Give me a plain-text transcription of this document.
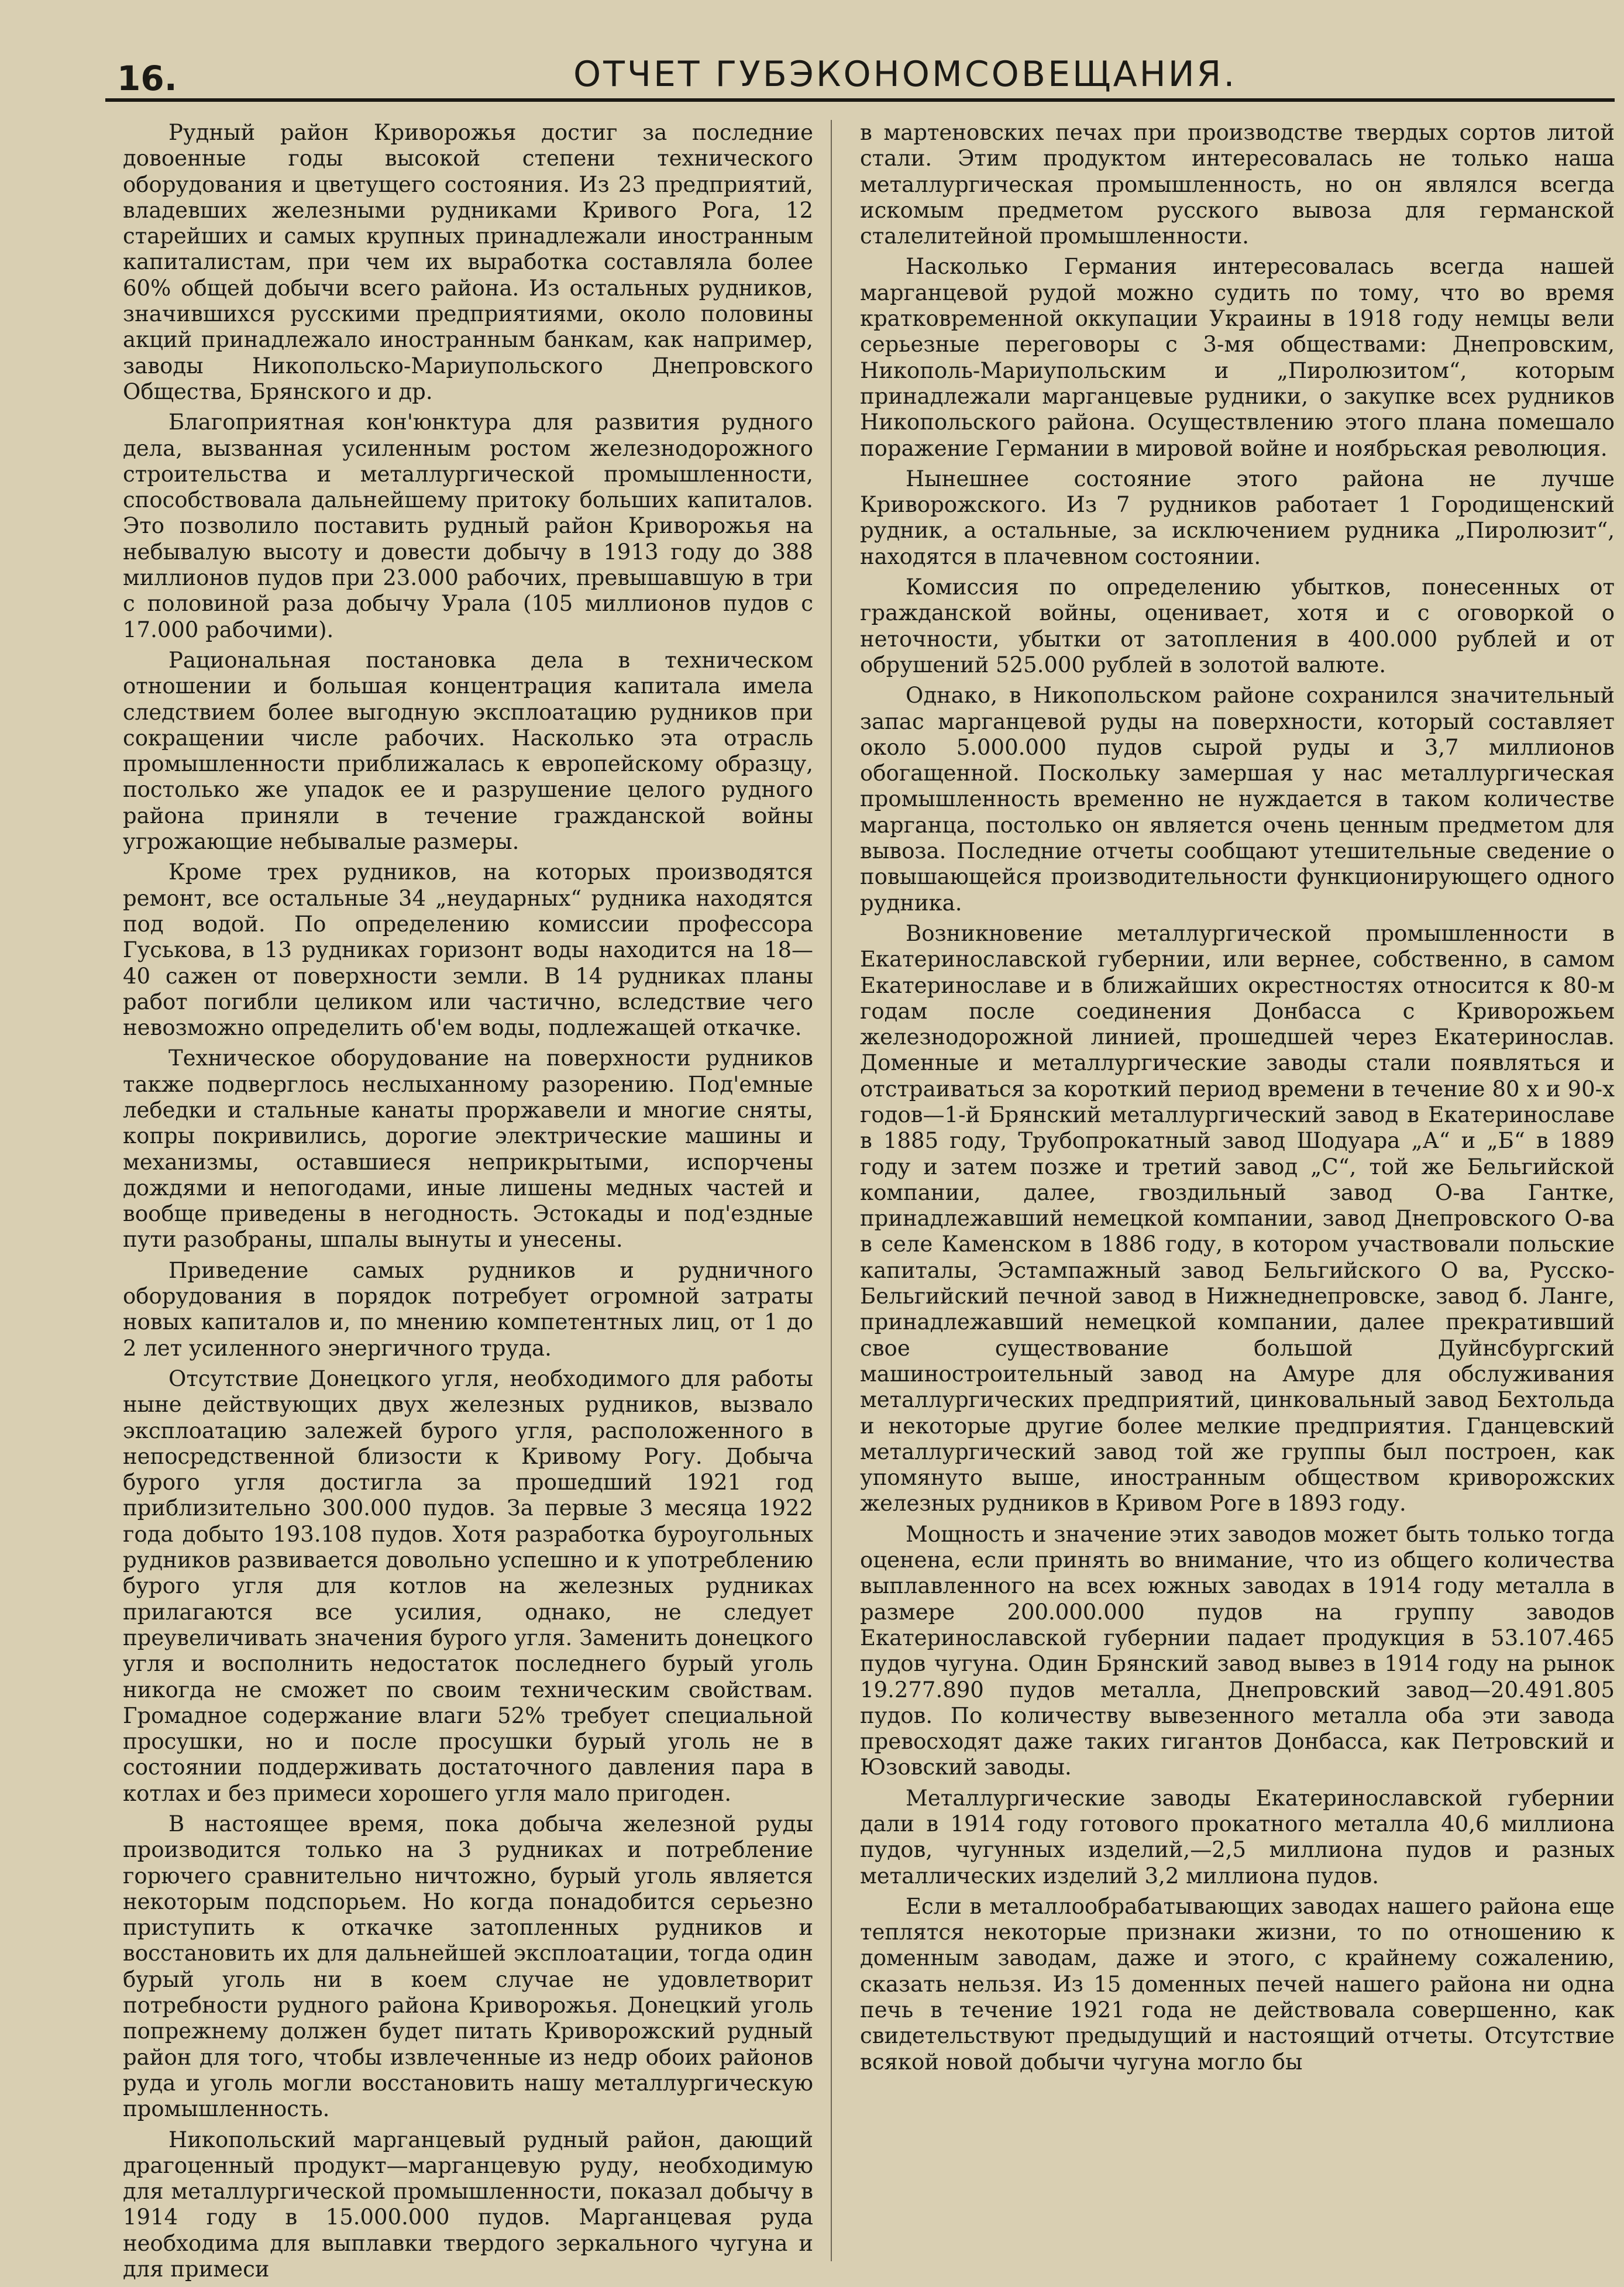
16.	ОТЧЕТ ГУБЭКОНОМСОВЕЩАНИЯ.

Рудный район Криворожья достиг за последние довоенные годы высокой степени технического оборудования и цветущего состояния. Из 23 предприятий, владевших железными рудниками Кривого Рога, 12 старейших и самых крупных принадлежали иностранным капиталистам, при чем их выработка составляла более 60% общей добычи всего района. Из остальных рудников, значившихся русскими предприятиями, около половины акций принадлежало иностранным банкам, как например, заводы Никопольско-Мариупольского Днепровского Общества, Брянского и др.

Благоприятная кон'юнктура для развития рудного дела, вызванная усиленным ростом железнодорожного строительства и металлургической промышленности, способствовала дальнейшему притоку больших капиталов. Это позволило поставить рудный район Криворожья на небывалую высоту и довести добычу в 1913 году до 388 миллионов пудов при 23.000 рабочих, превышавшую в три с половиной раза добычу Урала (105 миллионов пудов с 17.000 рабочими).

Рациональная постановка дела в техническом отношении и большая концентрация капитала имела следствием более выгодную эксплоатацию рудников при сокращении числе рабочих. Насколько эта отрасль промышленности приближалась к европейскому образцу, постолько же упадок ее и разрушение целого рудного района приняли в течение гражданской войны угрожающие небывалые размеры.

Кроме трех рудников, на которых производятся ремонт, все остальные 34 „неударных“ рудника находятся под водой. По определению комиссии профессора Гуськова, в 13 рудниках горизонт воды находится на 18—40 сажен от поверхности земли. В 14 рудниках планы работ погибли целиком или частично, вследствие чего невозможно определить об'ем воды, подлежащей откачке.

Техническое оборудование на поверхности рудников также подверглось неслыханному разорению. Под'емные лебедки и стальные канаты проржавели и многие сняты, копры покривились, дорогие электрические машины и механизмы, оставшиеся неприкрытыми, испорчены дождями и непогодами, иные лишены медных частей и вообще приведены в негодность. Эстокады и под'ездные пути разобраны, шпалы вынуты и унесены.

Приведение самых рудников и рудничного оборудования в порядок потребует огромной затраты новых капиталов и, по мнению компетентных лиц, от 1 до 2 лет усиленного энергичного труда.

Отсутствие Донецкого угля, необходимого для работы ныне действующих двух железных рудников, вызвало эксплоатацию залежей бурого угля, расположенного в непосредственной близости к Кривому Рогу. Добыча бурого угля достигла за прошедший 1921 год приблизительно 300.000 пудов. За первые 3 месяца 1922 года добыто 193.108 пудов. Хотя разработка буроугольных рудников развивается довольно успешно и к употреблению бурого угля для котлов на железных рудниках прилагаются все усилия, однако, не следует преувеличивать значения бурого угля. Заменить донецкого угля и восполнить недостаток последнего бурый уголь никогда не сможет по своим техническим свойствам. Громадное содержание влаги 52% требует специальной просушки, но и после просушки бурый уголь не в состоянии поддерживать достаточного давления пара в котлах и без примеси хорошего угля мало пригоден.

В настоящее время, пока добыча железной руды производится только на 3 рудниках и потребление горючего сравнительно ничтожно, бурый уголь является некоторым подспорьем. Но когда понадобится серьезно приступить к откачке затопленных рудников и восстановить их для дальнейшей эксплоатации, тогда один бурый уголь ни в коем случае не удовлетворит потребности рудного района Криворожья. Донецкий уголь попрежнему должен будет питать Криворожский рудный район для того, чтобы извлеченные из недр обоих районов руда и уголь могли восстановить нашу металлургическую промышленность.

Никопольский марганцевый рудный район, дающий драгоценный продукт—марганцевую руду, необходимую для металлургической промышленности, показал добычу в 1914 году в 15.000.000 пудов. Марганцевая руда необходима для выплавки твердого зеркального чугуна и для примеси

в мартеновских печах при производстве твердых сортов литой стали. Этим продуктом интересовалась не только наша металлургическая промышленность, но он являлся всегда искомым предметом русского вывоза для германской сталелитейной промышленности.

Насколько Германия интересовалась всегда нашей марганцевой рудой можно судить по тому, что во время кратковременной оккупации Украины в 1918 году немцы вели серьезные переговоры с 3-мя обществами: Днепровским, Никополь-Мариупольским и „Пиролюзитом“, которым принадлежали марганцевые рудники, о закупке всех рудников Никопольского района. Осуществлению этого плана помешало поражение Германии в мировой войне и ноябрьская революция.

Нынешнее состояние этого района не лучше Криворожского. Из 7 рудников работает 1 Городищенский рудник, а остальные, за исключением рудника „Пиролюзит“, находятся в плачевном состоянии.

Комиссия по определению убытков, понесенных от гражданской войны, оценивает, хотя и с оговоркой о неточности, убытки от затопления в 400.000 рублей и от обрушений 525.000 рублей в золотой валюте.

Однако, в Никопольском районе сохранился значительный запас марганцевой руды на поверхности, который составляет около 5.000.000 пудов сырой руды и 3,7 миллионов обогащенной. Поскольку замершая у нас металлургическая промышленность временно не нуждается в таком количестве марганца, постолько он является очень ценным предметом для вывоза. Последние отчеты сообщают утешительные сведение о повышающейся производительности функционирующего одного рудника.

Возникновение металлургической промышленности в Екатеринославской губернии, или вернее, собственно, в самом Екатеринославе и в ближайших окрестностях относится к 80-м годам после соединения Донбасса с Криворожьем железнодорожной линией, прошедшей через Екатеринослав. Доменные и металлургические заводы стали появляться и отстраиваться за короткий период времени в течение 80 х и 90-х годов—1-й Брянский металлургический завод в Екатеринославе в 1885 году, Трубопрокатный завод Шодуара „А“ и „Б“ в 1889 году и затем позже и третий завод „С“, той же Бельгийской компании, далее, гвоздильный завод О-ва Гантке, принадлежавший немецкой компании, завод Днепровского О-ва в селе Каменском в 1886 году, в котором участвовали польские капиталы, Эстампажный завод Бельгийского О ва, Русско-Бельгийский печной завод в Нижнеднепровске, завод б. Ланге, принадлежавший немецкой компании, далее прекративший свое существование большой Дуйнсбургский машиностроительный завод на Амуре для обслуживания металлургических предприятий, цинковальный завод Бехтольда и некоторые другие более мелкие предприятия. Гданцевский металлургический завод той же группы был построен, как упомянуто выше, иностранным обществом криворожских железных рудников в Кривом Роге в 1893 году.

Мощность и значение этих заводов может быть только тогда оценена, если принять во внимание, что из общего количества выплавленного на всех южных заводах в 1914 году металла в размере 200.000.000 пудов на группу заводов Екатеринославской губернии падает продукция в 53.107.465 пудов чугуна. Один Брянский завод вывез в 1914 году на рынок 19.277.890 пудов металла, Днепровский завод—20.491.805 пудов. По количеству вывезенного металла оба эти завода превосходят даже таких гигантов Донбасса, как Петровский и Юзовский заводы.

Металлургические заводы Екатеринославской губернии дали в 1914 году готового прокатного металла 40,6 миллиона пудов, чугунных изделий,—2,5 миллиона пудов и разных металлических изделий 3,2 миллиона пудов.

Если в металлообрабатывающих заводах нашего района еще теплятся некоторые признаки жизни, то по отношению к доменным заводам, даже и этого, с крайнему сожалению, сказать нельзя. Из 15 доменных печей нашего района ни одна печь в течение 1921 года не действовала совершенно, как свидетельствуют предыдущий и настоящий отчеты. Отсутствие всякой новой добычи чугуна могло бы
